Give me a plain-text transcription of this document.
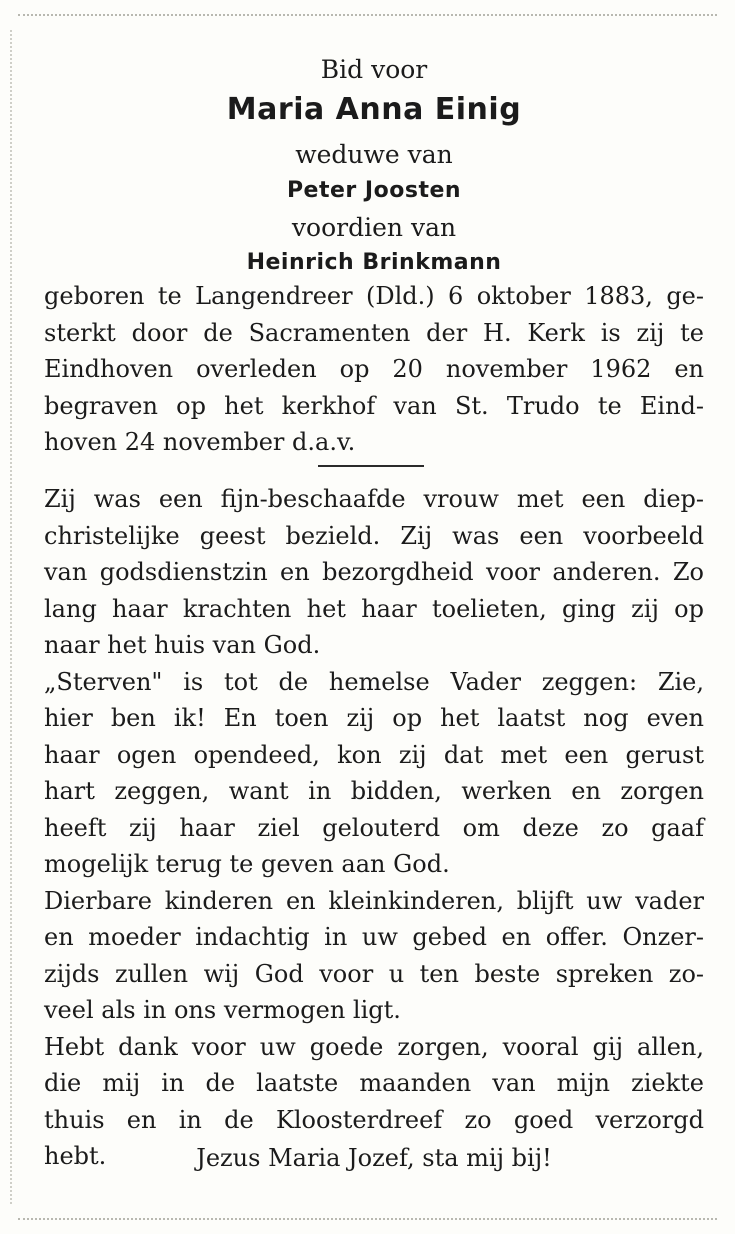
Bid voor
Maria Anna Einig
weduwe van
Peter Joosten
voordien van
Heinrich Brinkmann
geboren te Langendreer (Dld.) 6 oktober 1883, ge-
sterkt door de Sacramenten der H. Kerk is zij te
Eindhoven overleden op 20 november 1962 en
begraven op het kerkhof van St. Trudo te Eind-
hoven 24 november d.a.v.
Zij was een fijn-beschaafde vrouw met een diep-
christelijke geest bezield. Zij was een voorbeeld
van godsdienstzin en bezorgdheid voor anderen. Zo
lang haar krachten het haar toelieten, ging zij op
naar het huis van God.
„Sterven" is tot de hemelse Vader zeggen: Zie,
hier ben ik! En toen zij op het laatst nog even
haar ogen opendeed, kon zij dat met een gerust
hart zeggen, want in bidden, werken en zorgen
heeft zij haar ziel gelouterd om deze zo gaaf
mogelijk terug te geven aan God.
Dierbare kinderen en kleinkinderen, blijft uw vader
en moeder indachtig in uw gebed en offer. Onzer-
zijds zullen wij God voor u ten beste spreken zo-
veel als in ons vermogen ligt.
Hebt dank voor uw goede zorgen, vooral gij allen,
die mij in de laatste maanden van mijn ziekte
thuis en in de Kloosterdreef zo goed verzorgd
hebt.	Jezus Maria Jozef, sta mij bij!
